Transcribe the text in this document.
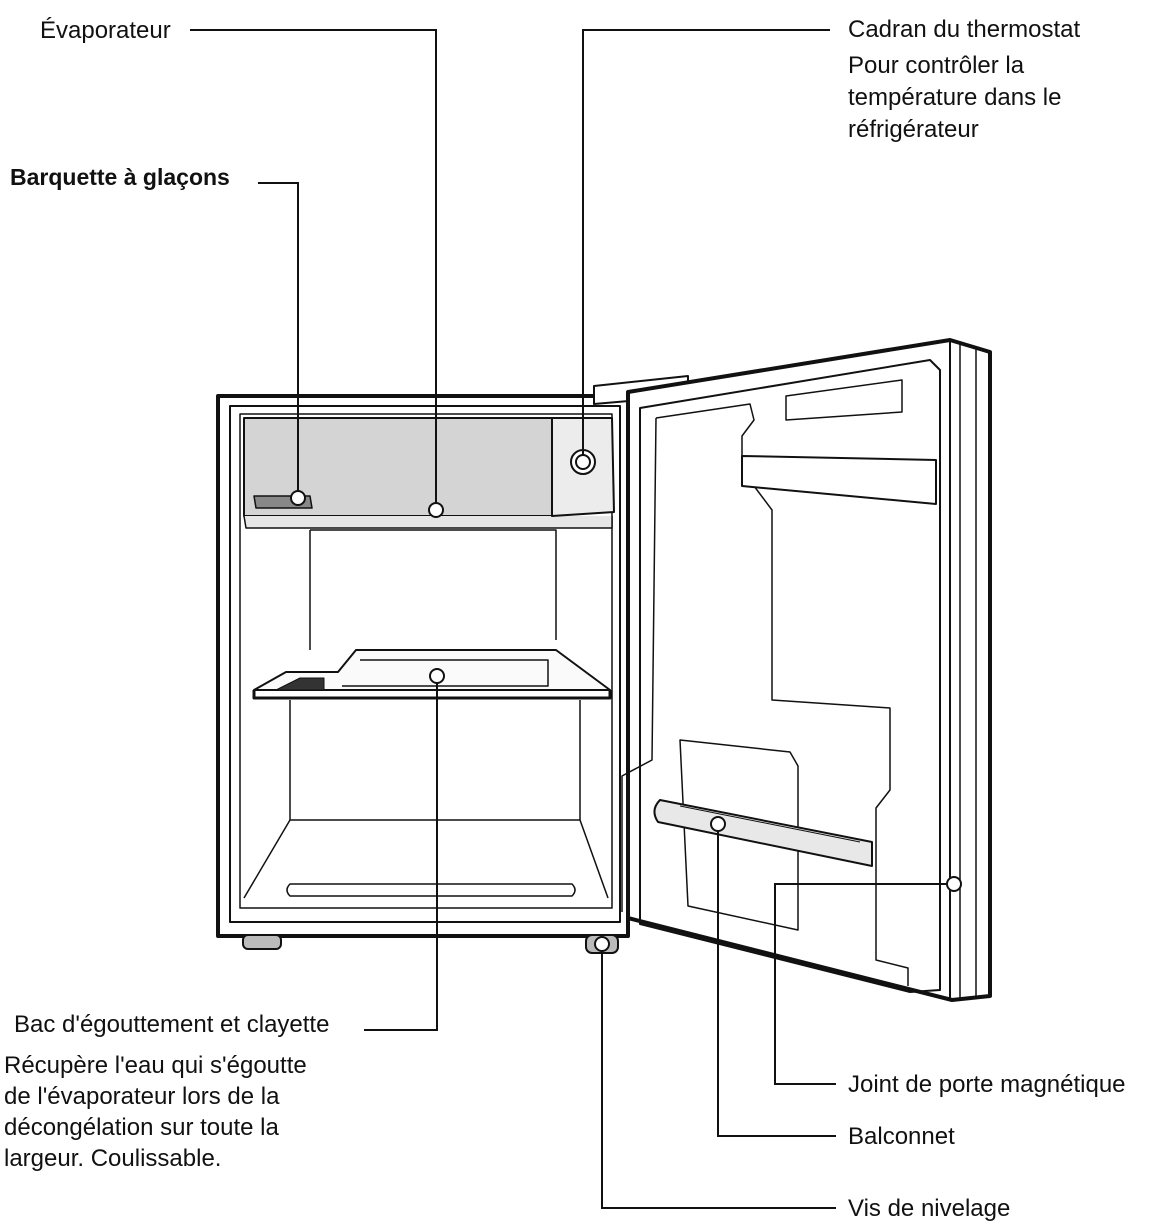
Évaporateur
Barquette à glaçons
Cadran du thermostat
Pour contrôler la
température dans le
réfrigérateur
Bac d'égouttement et clayette
Récupère l'eau qui s'égoutte
de l'évaporateur lors de la
décongélation sur toute la
largeur. Coulissable.
Joint de porte magnétique
Balconnet
Vis de nivelage
